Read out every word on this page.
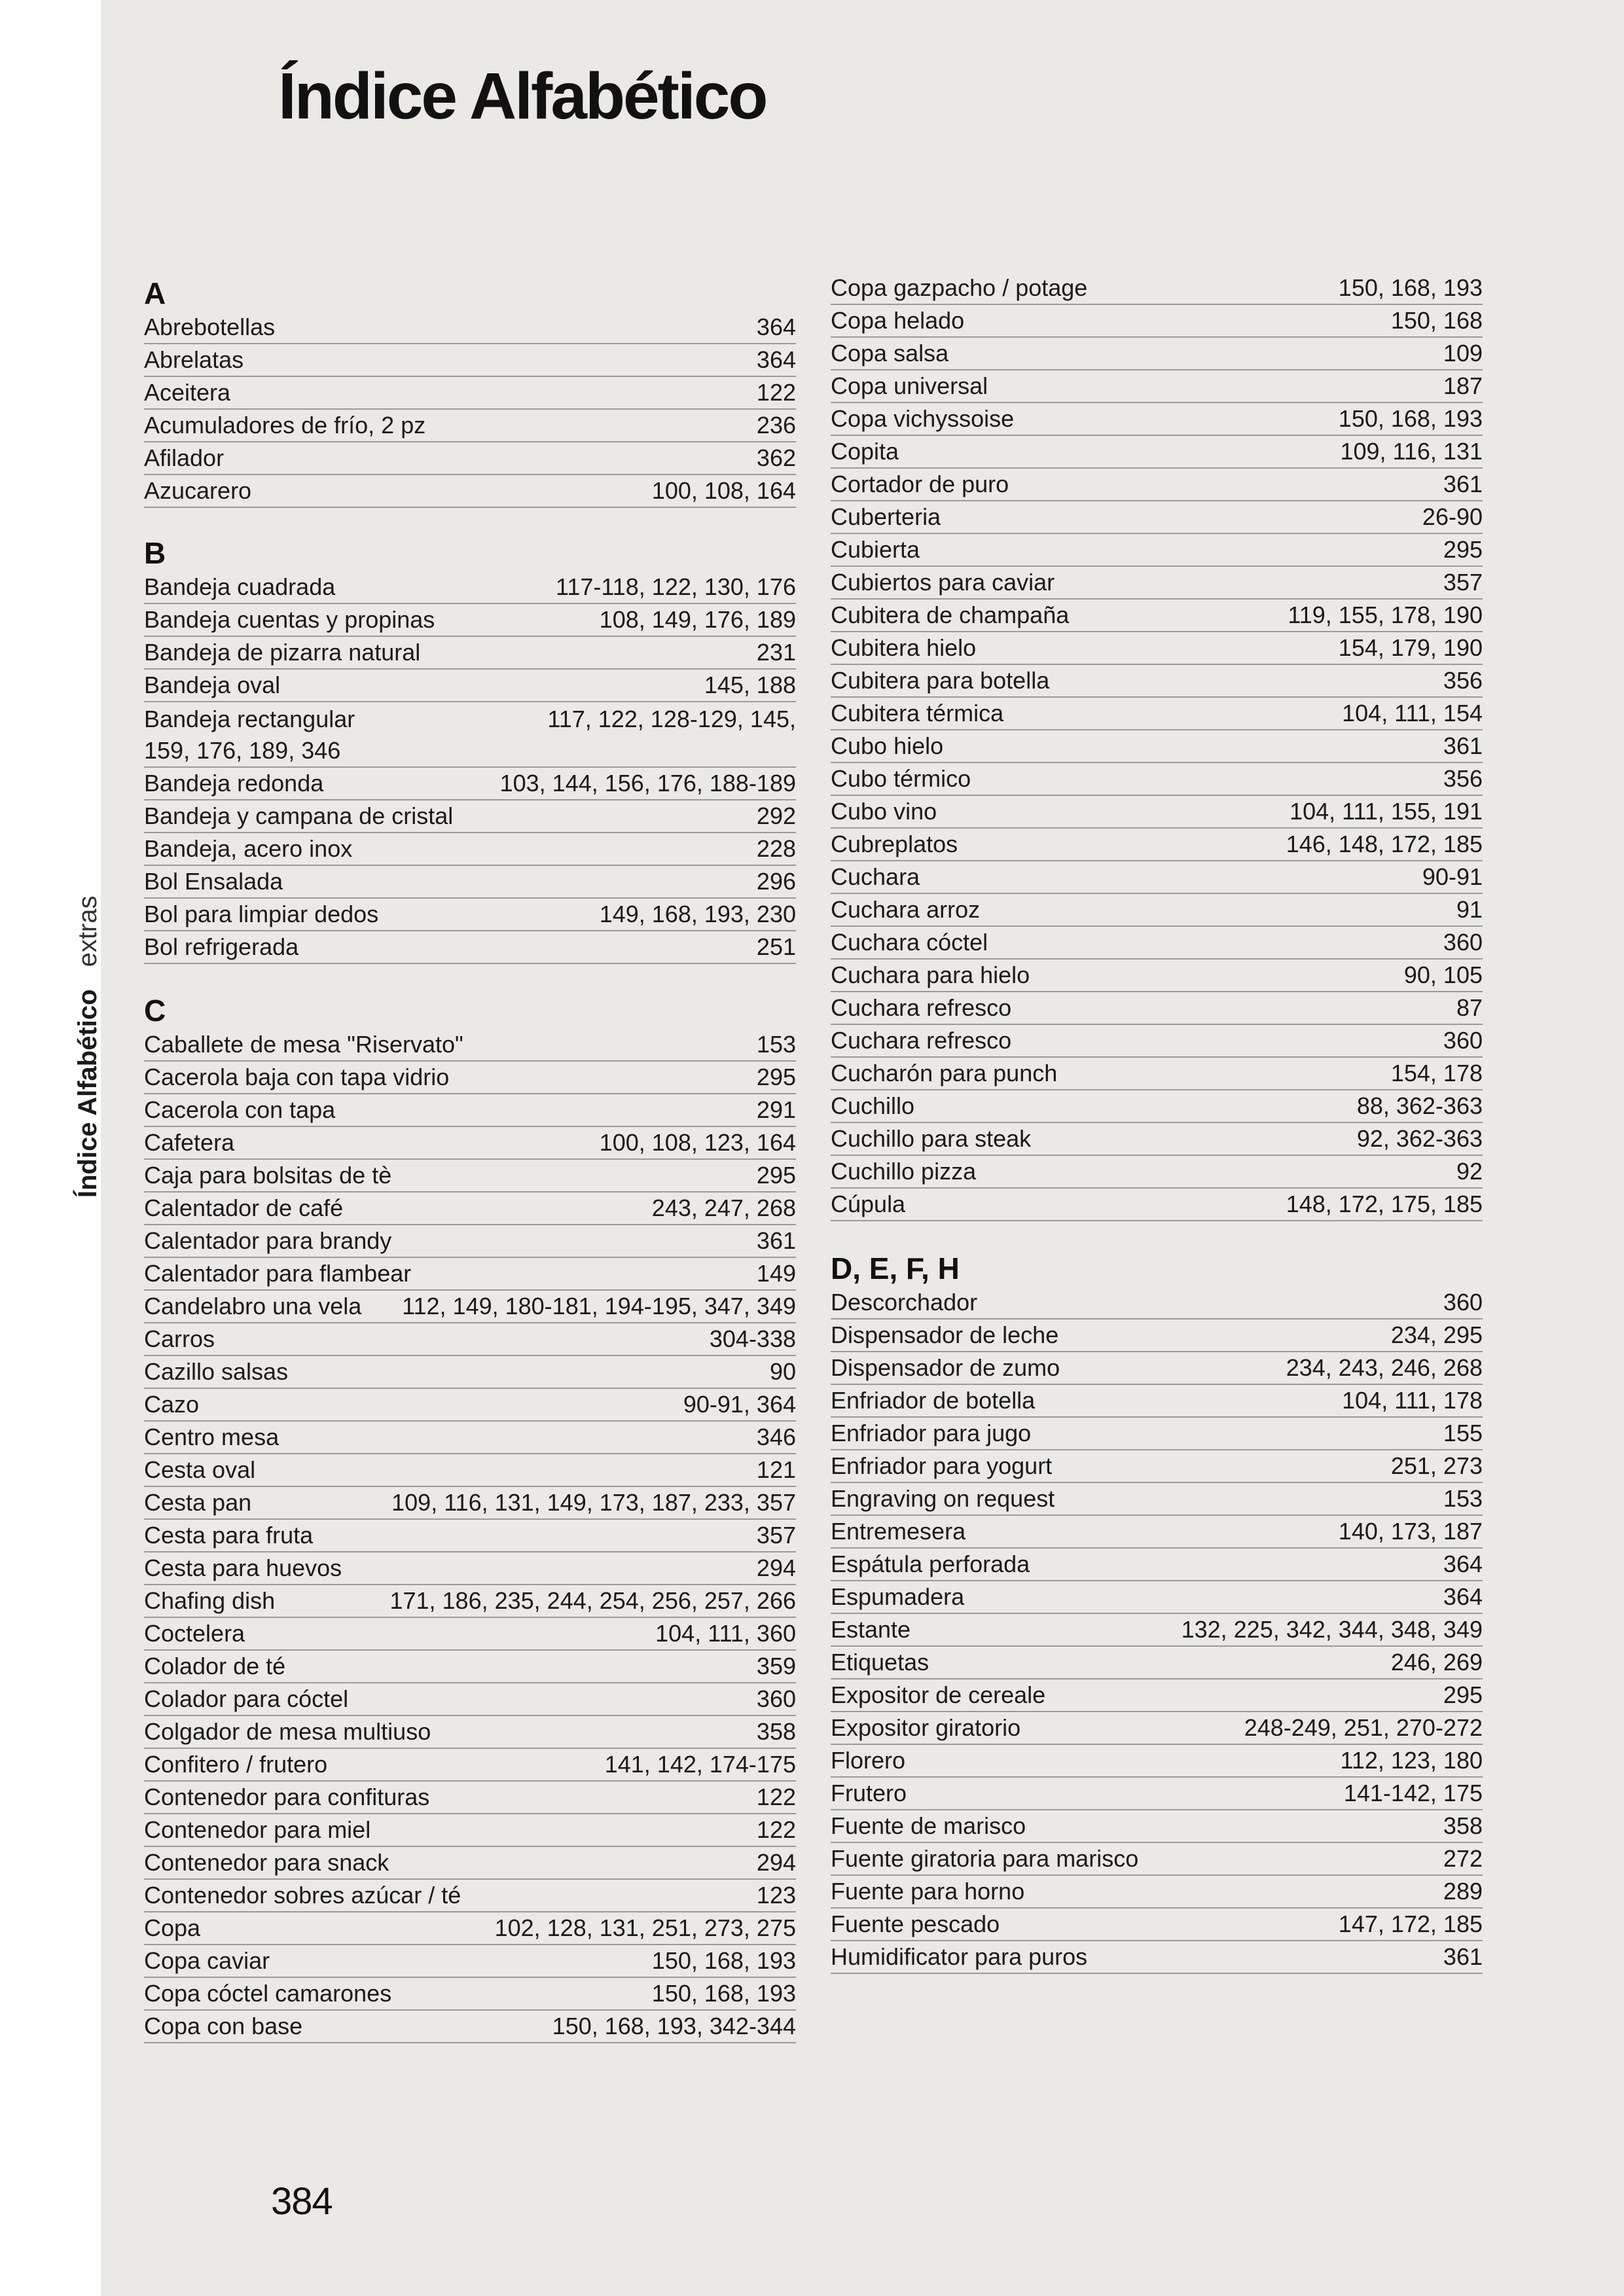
Índice Alfabético
Índice Alfabéticoextras
A
Abrebotellas	364
Abrelatas	364
Aceitera	122
Acumuladores de frío, 2 pz	236
Afilador	362
Azucarero	100, 108, 164
B
Bandeja cuadrada	117-118, 122, 130, 176
Bandeja cuentas y propinas	108, 149, 176, 189
Bandeja de pizarra natural	231
Bandeja oval	145, 188
Bandeja rectangular	117, 122, 128-129, 145,
159, 176, 189, 346
Bandeja redonda	103, 144, 156, 176, 188-189
Bandeja y campana de cristal	292
Bandeja, acero inox	228
Bol Ensalada	296
Bol para limpiar dedos	149, 168, 193, 230
Bol refrigerada	251
C
Caballete de mesa "Riservato"	153
Cacerola baja con tapa vidrio	295
Cacerola con tapa	291
Cafetera	100, 108, 123, 164
Caja para bolsitas de tè	295
Calentador de café	243, 247, 268
Calentador para brandy	361
Calentador para flambear	149
Candelabro una vela 112, 149, 180-181, 194-195, 347, 349
Carros	304-338
Cazillo salsas	90
Cazo	90-91, 364
Centro mesa	346
Cesta oval	121
Cesta pan	109, 116, 131, 149, 173, 187, 233, 357
Cesta para fruta	357
Cesta para huevos	294
Chafing dish	171, 186, 235, 244, 254, 256, 257, 266
Coctelera	104, 111, 360
Colador de té	359
Colador para cóctel	360
Colgador de mesa multiuso	358
Confitero / frutero	141, 142, 174-175
Contenedor para confituras	122
Contenedor para miel	122
Contenedor para snack	294
Contenedor sobres azúcar / té	123
Copa	102, 128, 131, 251, 273, 275
Copa caviar	150, 168, 193
Copa cóctel camarones	150, 168, 193
Copa con base	150, 168, 193, 342-344
Copa gazpacho / potage	150, 168, 193
Copa helado	150, 168
Copa salsa	109
Copa universal	187
Copa vichyssoise	150, 168, 193
Copita	109, 116, 131
Cortador de puro	361
Cuberteria	26-90
Cubierta	295
Cubiertos para caviar	357
Cubitera de champaña	119, 155, 178, 190
Cubitera hielo	154, 179, 190
Cubitera para botella	356
Cubitera térmica	104, 111, 154
Cubo hielo	361
Cubo térmico	356
Cubo vino	104, 111, 155, 191
Cubreplatos	146, 148, 172, 185
Cuchara	90-91
Cuchara arroz	91
Cuchara cóctel	360
Cuchara para hielo	90, 105
Cuchara refresco	87
Cuchara refresco	360
Cucharón para punch	154, 178
Cuchillo	88, 362-363
Cuchillo para steak	92, 362-363
Cuchillo pizza	92
Cúpula	148, 172, 175, 185
D, E, F, H
Descorchador	360
Dispensador de leche	234, 295
Dispensador de zumo	234, 243, 246, 268
Enfriador de botella	104, 111, 178
Enfriador para jugo	155
Enfriador para yogurt	251, 273
Engraving on request	153
Entremesera	140, 173, 187
Espátula perforada	364
Espumadera	364
Estante	132, 225, 342, 344, 348, 349
Etiquetas	246, 269
Expositor de cereale	295
Expositor giratorio	248-249, 251, 270-272
Florero	112, 123, 180
Frutero	141-142, 175
Fuente de marisco	358
Fuente giratoria para marisco	272
Fuente para horno	289
Fuente pescado	147, 172, 185
Humidificator para puros	361
384
